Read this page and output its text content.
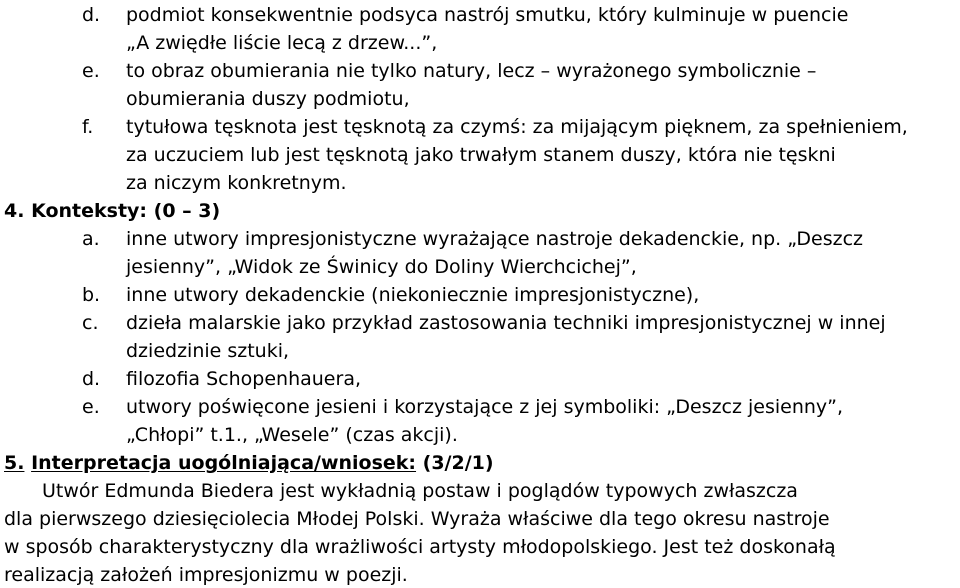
d. podmiot konsekwentnie podsyca nastrój smutku, który kulminuje w puencie
„A zwiędłe liście lecą z drzew...”,
e. to obraz obumierania nie tylko natury, lecz – wyrażonego symbolicznie –
obumierania duszy podmiotu,
f. tytułowa tęsknota jest tęsknotą za czymś: za mijającym pięknem, za spełnieniem,
za uczuciem lub jest tęsknotą jako trwałym stanem duszy, która nie tęskni
za niczym konkretnym.
4. Konteksty: (0 – 3)
a. inne utwory impresjonistyczne wyrażające nastroje dekadenckie, np. „Deszcz
jesienny”, „Widok ze Świnicy do Doliny Wierchcichej”,
b. inne utwory dekadenckie (niekoniecznie impresjonistyczne),
c. dzieła malarskie jako przykład zastosowania techniki impresjonistycznej w innej
dziedzinie sztuki,
d. filozofia Schopenhauera,
e. utwory poświęcone jesieni i korzystające z jej symboliki: „Deszcz jesienny”,
„Chłopi” t.1., „Wesele” (czas akcji).
5. Interpretacja uogólniająca/wniosek: (3/2/1)
Utwór Edmunda Biedera jest wykładnią postaw i poglądów typowych zwłaszcza
dla pierwszego dziesięciolecia Młodej Polski. Wyraża właściwe dla tego okresu nastroje
w sposób charakterystyczny dla wrażliwości artysty młodopolskiego. Jest też doskonałą
realizacją założeń impresjonizmu w poezji.
